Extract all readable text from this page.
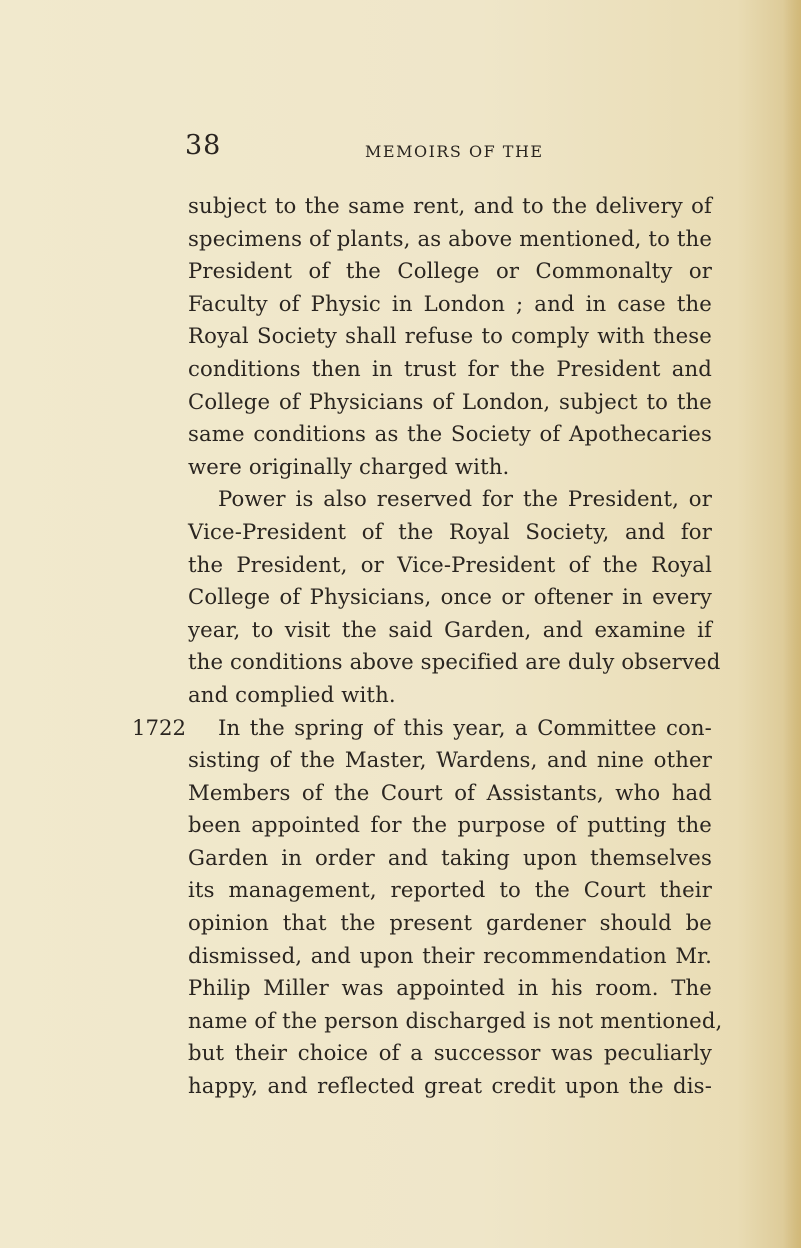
38	MEMOIRS OF THE
1722
subject to the same rent, and to the delivery of
specimens of plants, as above mentioned, to the
President of the College or Commonalty or
Faculty of Physic in London ; and in case the
Royal Society shall refuse to comply with these
conditions then in trust for the President and
College of Physicians of London, subject to the
same conditions as the Society of Apothecaries
were originally charged with.
Power is also reserved for the President, or
Vice-President of the Royal Society, and for
the President, or Vice-President of the Royal
College of Physicians, once or oftener in every
year, to visit the said Garden, and examine if
the conditions above specified are duly observed
and complied with.
In the spring of this year, a Committee con-
sisting of the Master, Wardens, and nine other
Members of the Court of Assistants, who had
been appointed for the purpose of putting the
Garden in order and taking upon themselves
its management, reported to the Court their
opinion that the present gardener should be
dismissed, and upon their recommendation Mr.
Philip Miller was appointed in his room. The
name of the person discharged is not mentioned,
but their choice of a successor was peculiarly
happy, and reflected great credit upon the dis-
